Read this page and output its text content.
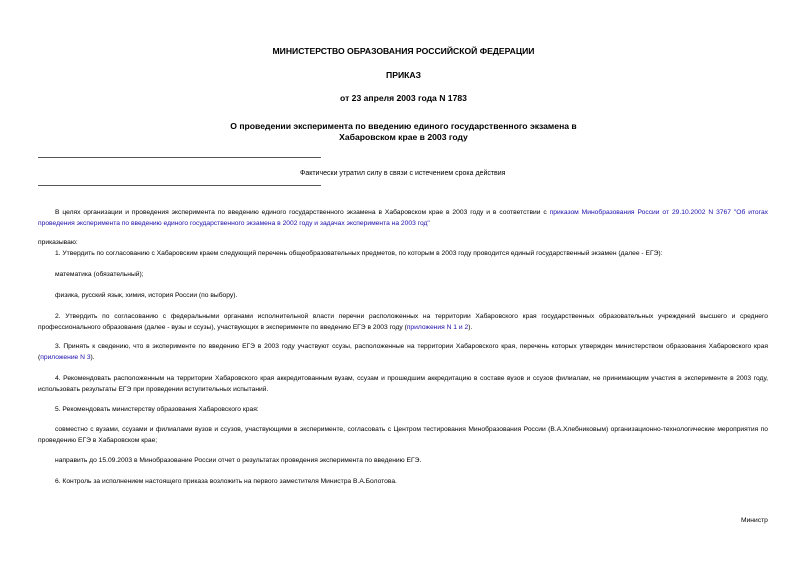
МИНИСТЕРСТВО ОБРАЗОВАНИЯ РОССИЙСКОЙ ФЕДЕРАЦИИ
ПРИКАЗ
от 23 апреля 2003 года N 1783
О проведении эксперимента по введению единого государственного экзамена в
Хабаровском крае в 2003 году
Фактически утратил силу в связи с истечением срока действия
В целях организации и проведения эксперимента по введению единого государственного экзамена в Хабаровском крае в 2003 году и в соответствии с приказом Минобразования России от 29.10.2002 N 3767 "Об итогах проведения эксперимента по введению единого государственного экзамена в 2002 году и задачах эксперимента на 2003 год"
приказываю:
1. Утвердить по согласованию с Хабаровским краем следующий перечень общеобразовательных предметов, по которым в 2003 году проводится единый государственный экзамен (далее - ЕГЭ):
математика (обязательный);
физика, русский язык, химия, история России (по выбору).
2. Утвердить по согласованию с федеральными органами исполнительной власти перечни расположенных на территории Хабаровского края государственных образовательных учреждений высшего и среднего профессионального образования (далее - вузы и ссузы), участвующих в эксперименте по введению ЕГЭ в 2003 году (приложения N 1 и 2).
3. Принять к сведению, что в эксперименте по введению ЕГЭ в 2003 году участвуют ссузы, расположенные на территории Хабаровского края, перечень которых утвержден министерством образования Хабаровского края (приложение N 3).
4. Рекомендовать расположенным на территории Хабаровского края аккредитованным вузам, ссузам и прошедшим аккредитацию в составе вузов и ссузов филиалам, не принимающим участия в эксперименте в 2003 году, использовать результаты ЕГЭ при проведении вступительных испытаний.
5. Рекомендовать министерству образования Хабаровского края:
совместно с вузами, ссузами и филиалами вузов и ссузов, участвующими в эксперименте, согласовать с Центром тестирования Минобразования России (В.А.Хлебниковым) организационно-технологические мероприятия по проведению ЕГЭ в Хабаровском крае;
направить до 15.09.2003 в Минобразование России отчет о результатах проведения эксперимента по введению ЕГЭ.
6. Контроль за исполнением настоящего приказа возложить на первого заместителя Министра В.А.Болотова.
Министр
